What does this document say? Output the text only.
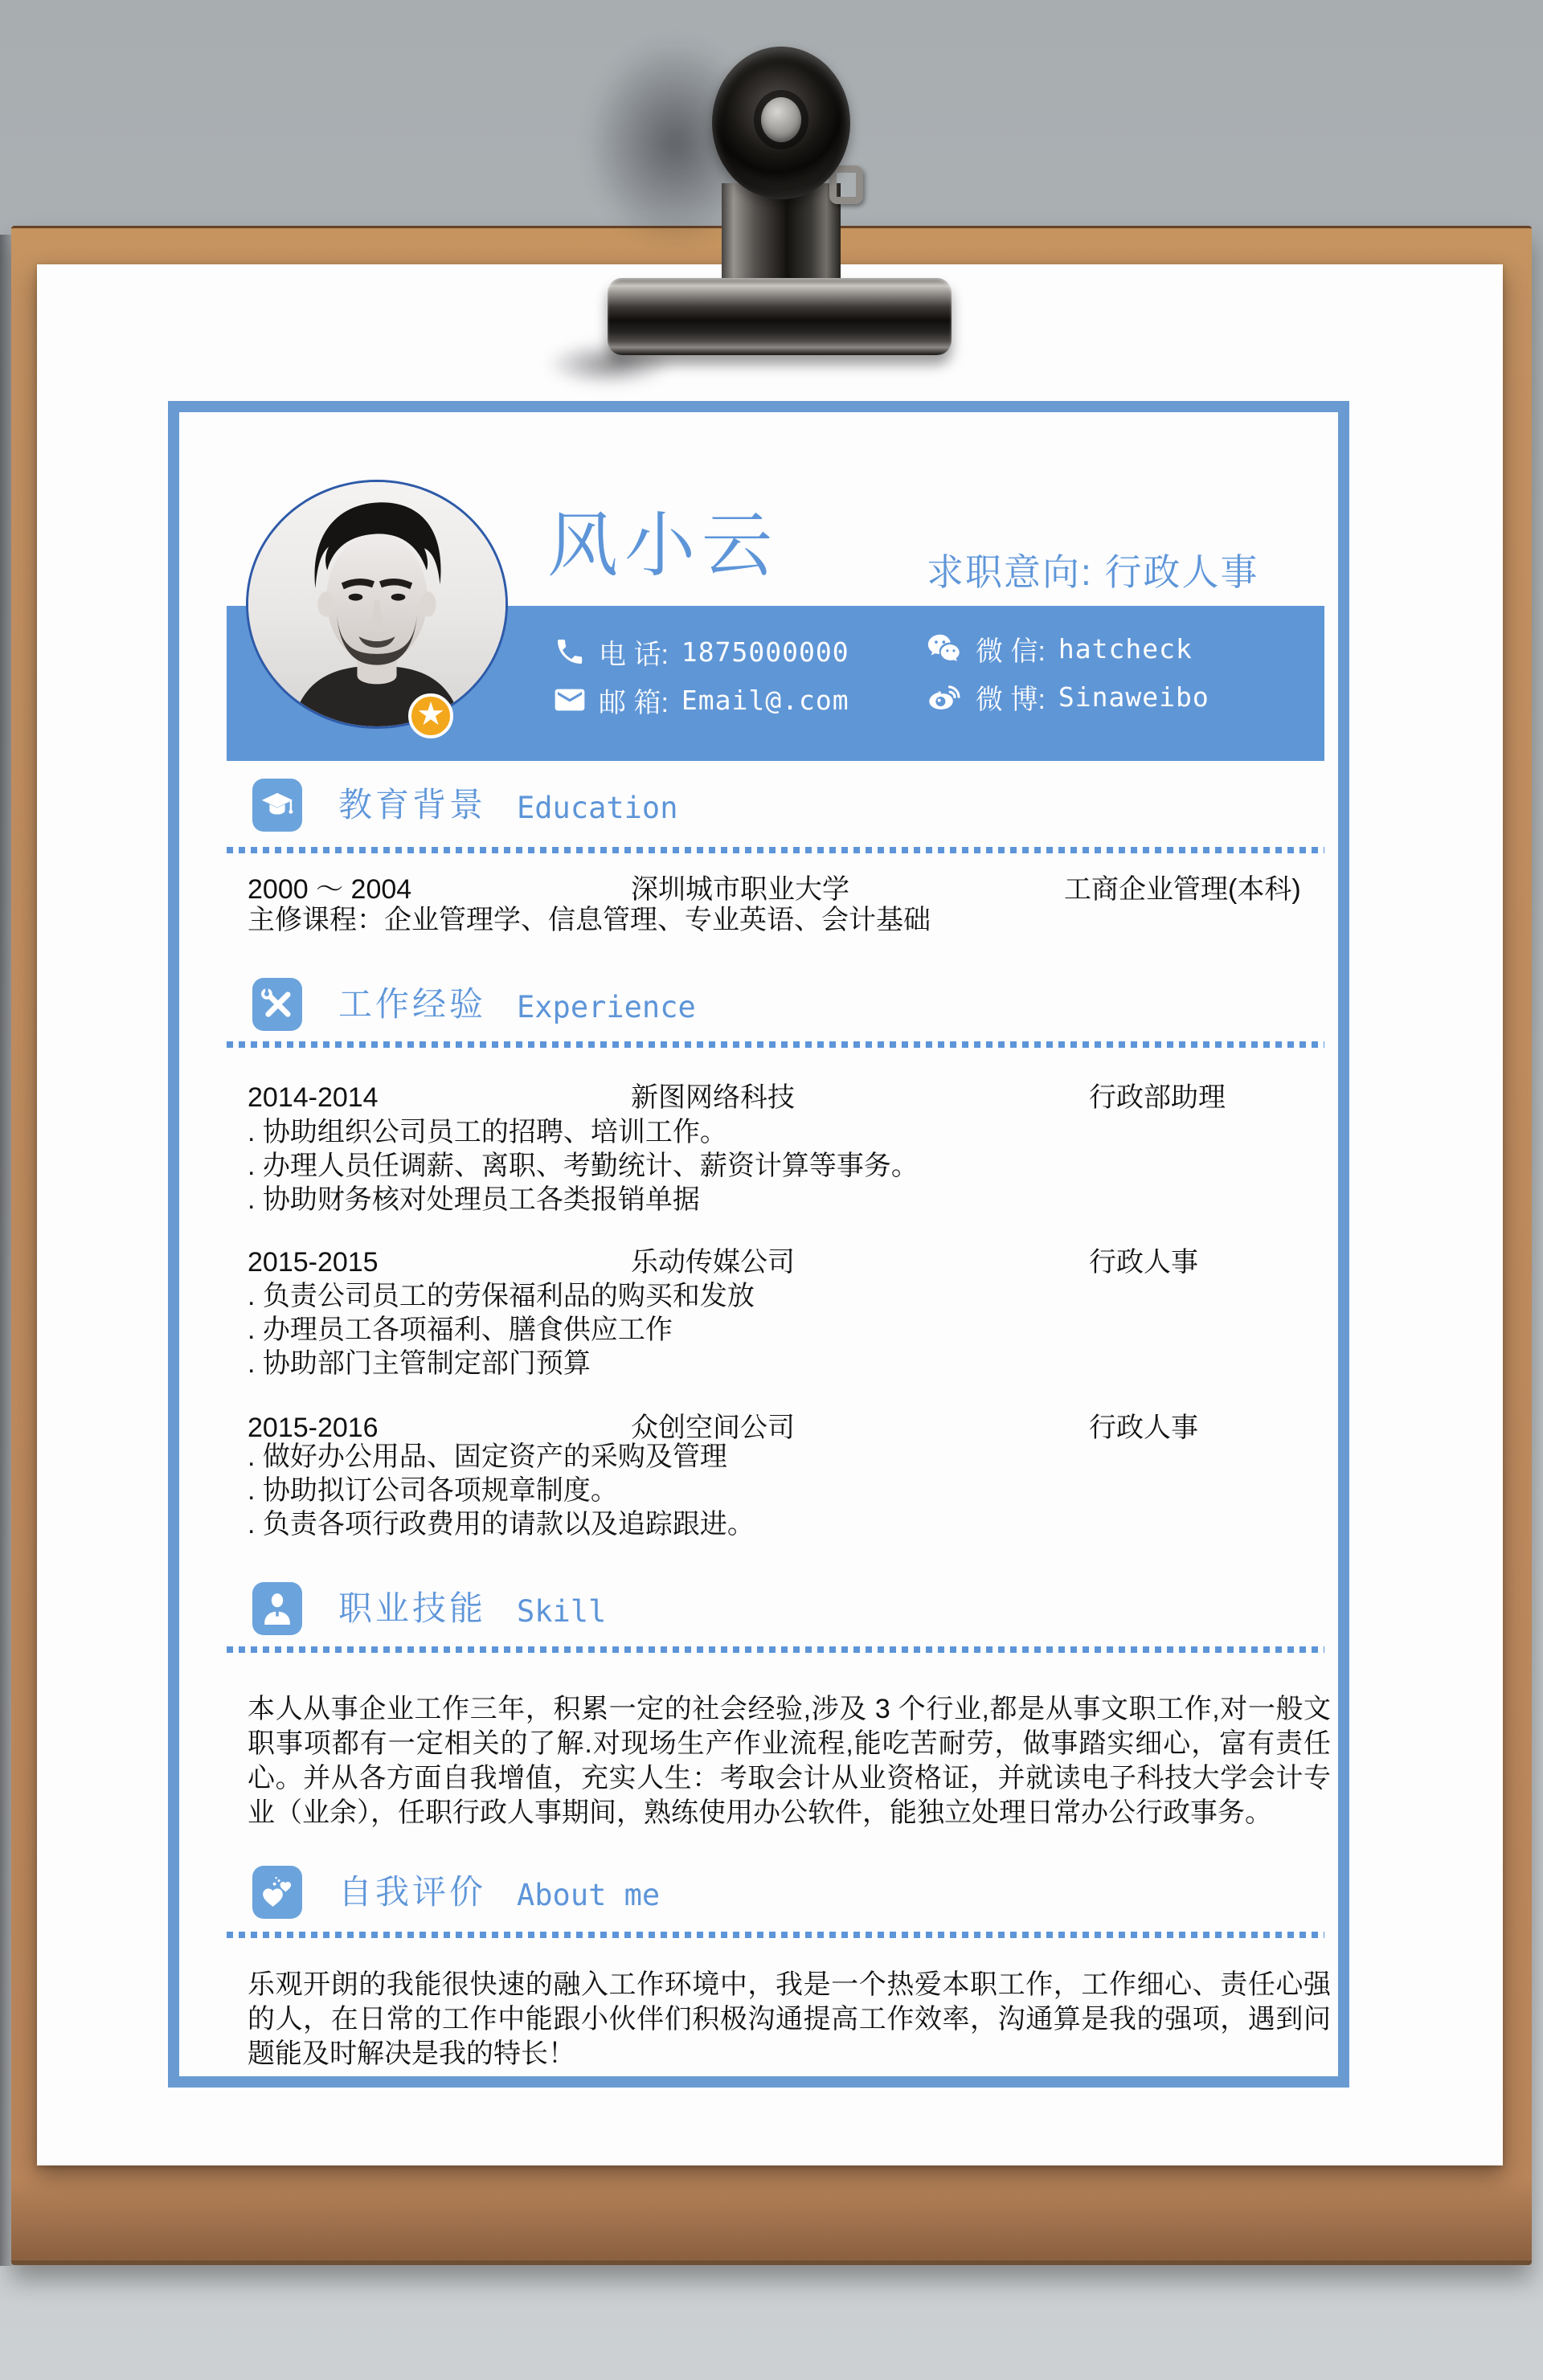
电 话: 1875000000
邮 箱: Email@.com
微 信: hatcheck
微 博: Sinaweibo
★
风小云	求职意向: 行政人事
教育背景 Education
2000 ～ 2004	深圳城市职业大学	工商企业管理(本科)
主修课程：企业管理学、信息管理、专业英语、会计基础
工作经验 Experience
2014-2014	新图网络科技	行政部助理
. 协助组织公司员工的招聘、培训工作。
. 办理人员任调薪、离职、考勤统计、薪资计算等事务。
. 协助财务核对处理员工各类报销单据
2015-2015	乐动传媒公司	行政人事
. 负责公司员工的劳保福利品的购买和发放
. 办理员工各项福利、膳食供应工作
. 协助部门主管制定部门预算
2015-2016	众创空间公司	行政人事
. 做好办公用品、固定资产的采购及管理
. 协助拟订公司各项规章制度。
. 负责各项行政费用的请款以及追踪跟进。
职业技能 Skill
本人从事企业工作三年，积累一定的社会经验,涉及 3 个行业,都是从事文职工作,对一般文职事项都有一定相关的了解.对现场生产作业流程,能吃苦耐劳，做事踏实细心，富有责任心。并从各方面自我增值，充实人生：考取会计从业资格证，并就读电子科技大学会计专业（业余），任职行政人事期间，熟练使用办公软件，能独立处理日常办公行政事务。
自我评价 About me
乐观开朗的我能很快速的融入工作环境中，我是一个热爱本职工作，工作细心、责任心强的人，在日常的工作中能跟小伙伴们积极沟通提高工作效率，沟通算是我的强项，遇到问题能及时解决是我的特长！
